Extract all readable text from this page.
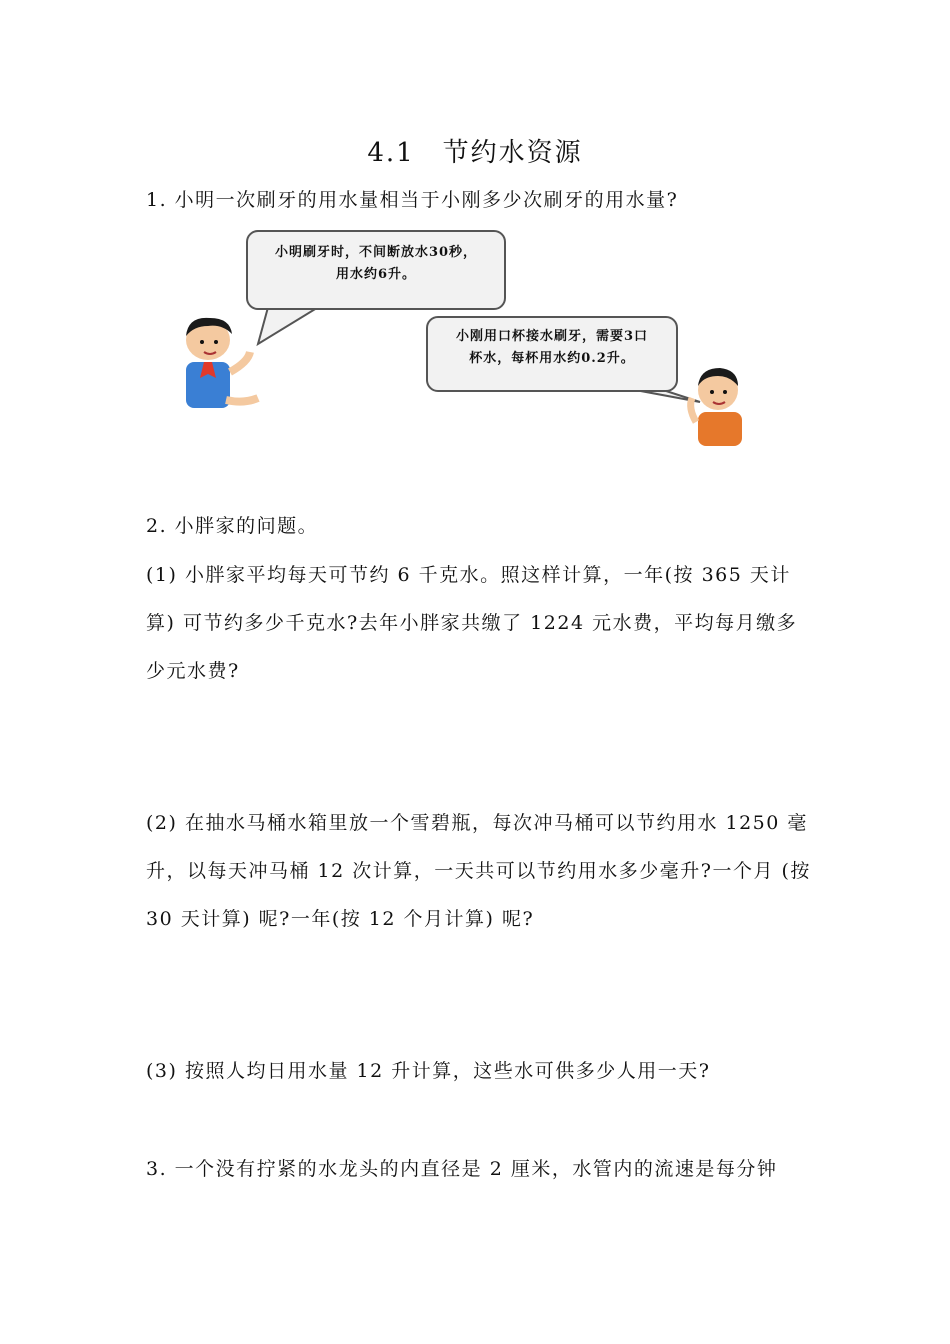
4.1　节约水资源
1. 小明一次刷牙的用水量相当于小刚多少次刷牙的用水量?
小明刷牙时，不间断放水30秒，
用水约6升。
小刚用口杯接水刷牙，需要3口
杯水，每杯用水约0.2升。
2. 小胖家的问题。
(1) 小胖家平均每天可节约 6 千克水。照这样计算，一年(按 365 天计算) 可节约多少千克水?去年小胖家共缴了 1224 元水费，平均每月缴多少元水费?
(2) 在抽水马桶水箱里放一个雪碧瓶，每次冲马桶可以节约用水 1250 毫升，以每天冲马桶 12 次计算，一天共可以节约用水多少毫升?一个月 (按 30 天计算) 呢?一年(按 12 个月计算) 呢?
(3) 按照人均日用水量 12 升计算，这些水可供多少人用一天?
3. 一个没有拧紧的水龙头的内直径是 2 厘米，水管内的流速是每分钟
